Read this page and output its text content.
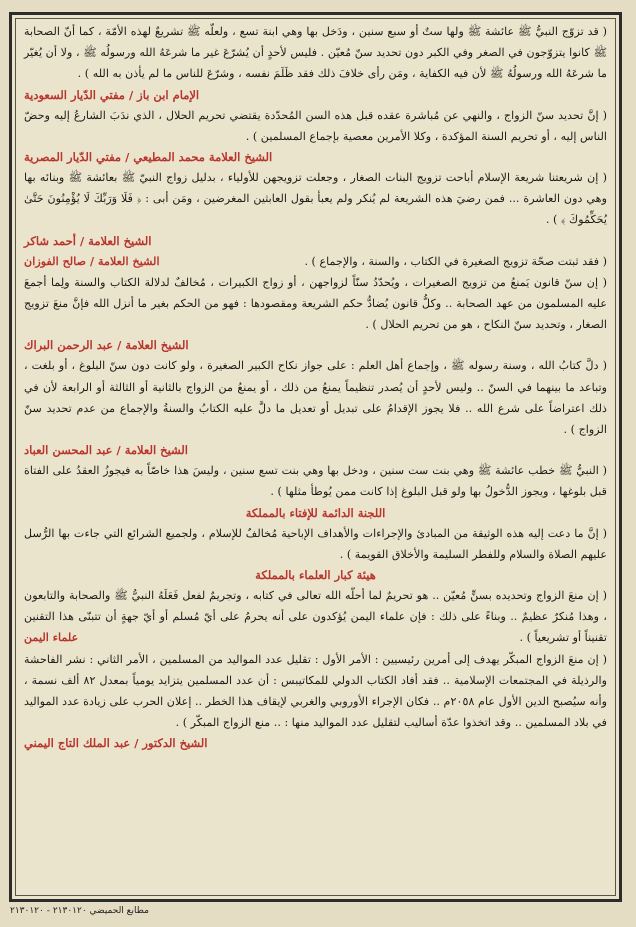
( قد تزوّج النبيُّ ﷺ عائشة ﷺ ولها ستٌ أو سبع سنين ، ودَخل بها وهي ابنة تسع ، ولعلّه ﷺ تشريعٌ لهذه الأمّة ، كما أنّ الصحابة ﷺ كانوا يتزوّجون في الصغر وفي الكبر دون تحديد سنّ مُعيّن . فليس لأحدٍ أن يُشرّعَ غير ما شرعَهُ الله ورسولُه ﷺ ، ولا أن يُغيّر ما شرعَهُ الله ورسولُهُ ﷺ لأن فيه الكفاية ، ومَن رأى خلافَ ذلك فقد ظَلَمَ نفسه ، وشرّعَ للناس ما لم يأذن به الله ) .

الإمام ابن باز / مفتي الدّيار السعودية

( إنَّ تحديد سنّ الزواج ، والنهي عن مُباشرة عقده قبل هذه السن المُحدّدة يقتضي تحريم الحلال ، الذي ندَبَ الشارعُ إليه وحضّ الناس إليه ، أو تحريم السنة المؤكدة ، وكلا الأمرين معصية بإجماع المسلمين ) .

الشيخ العلامة محمد المطيعي / مفتي الدّيار المصرية

( إن شريعتنا شريعة الإسلام أباحت تزويج البنات الصغار ، وجعلت تزويجهن للأولياء ، بدليل زواج النبيّ ﷺ بعائشة ﷺ وبنائه بها وهي دون العاشرة ... فمن رضيَ هذه الشريعة لم يُنكر ولم يعبأ بقول العابثين المغرضين ، ومَن أبى : ﴿ فَلَا وَرَبِّكَ لَا يُؤْمِنُونَ حَتَّىٰ يُحَكِّمُوكَ ﴾ ) .

الشيخ العلامة / أحمد شاكر

( فقد ثبتت صحّة تزويج الصغيرة في الكتاب ، والسنة ، والإجماع ) .
الشيخ العلامة / صالح الفوزان

( إن سنّ قانون يَمنعُ من تزويج الصغيرات ، ويُحدّدُ سنّاً لزواجهن ، أو زواج الكبيرات ، مُخالفٌ لدلالة الكتاب والسنة ولِما أجمعَ عليه المسلمون من عهد الصحابة .. وكلُّ قانون يُضادُّ حكم الشريعة ومقصودها : فهو من الحكم بغير ما أنزل الله فإنَّ منعَ تزويج الصغار ، وتحديد سنّ النكاح ، هو من تحريم الحلال ) .

الشيخ العلامة / عبد الرحمن البراك

( دلَّ كتابُ الله ، وسنة رسوله ﷺ ، وإجماع أهل العلم : على جواز نكاح الكبير الصغيرة ، ولو كانت دون سنّ البلوغ ، أو بلغت ، وتباعد ما بينهما في السنّ .. وليس لأحدٍ أن يُصدر تنظيماً يمنعُ من ذلك ، أو يمنعُ من الزواج بالثانية أو الثالثة أو الرابعة لأن في ذلك اعتراضاً على شرع الله .. فلا يجوز الإقدامُ على تبديل أو تعديل ما دلَّ عليه الكتابُ والسنةُ والإجماع من عدم تحديد سنّ الزواج ) .

الشيخ العلامة / عبد المحسن العباد

( النبيُّ ﷺ خطب عائشة ﷺ وهي بنت ست سنين ، ودخل بها وهي بنت تسع سنين ، وليسَ هذا خاصّاً به فيجوزُ العقدُ على الفتاة قبل بلوغها ، ويجوز الدُّخولُ بها ولو قبل البلوغ إذا كانت ممن يُوطأ مثلها ) .

اللجنة الدائمة للإفتاء بالمملكة

( إنَّ ما دعت إليه هذه الوثيقة من المبادئ والإجراءات والأهداف الإباحية مُخالفٌ للإسلام ، ولجميع الشرائع التي جاءت بها الرُّسل عليهم الصلاة والسلام وللفطر السليمة والأخلاق القويمة ) .

هيئة كبار العلماء بالمملكة

( إن منعَ الزواج وتحديده بسنٍّ مُعيّن .. هو تحريمٌ لما أحلّه الله تعالى في كتابه ، وتجريمٌ لفعل فَعَلَهُ النبيُّ ﷺ والصحابة والتابعون ، وهذا مُنكرٌ عظيمٌ .. وبناءً على ذلك : فإن علماء اليمن يُؤكدون على أنه يحرمُ على أيّ مُسلم أو أيّ جهةٍ أن تتبنّى هذا التقنين تقنيناً أو تشريعياً ) .
علماء اليمن

( إن منعَ الزواج المبكّر يهدف إلى أمرين رئيسيين : الأمر الأول : تقليل عدد المواليد من المسلمين ، الأمر الثاني : نشر الفاحشة والرذيلة في المجتمعات الإسلامية .. فقد أفاد الكتاب الدولي للمكاتيبس : أن عدد المسلمين يتزايد يومياً بمعدل ٨٢ ألف نسمة ، وأنه سيُصبح الدين الأول عام ٢٠٥٨م .. فكان الإجراء الأوروبي والغربي لإيقاف هذا الخطر .. إعلان الحرب على زيادة عدد المواليد في بلاد المسلمين .. وقد اتخذوا عدّة أساليب لتقليل عدد المواليد منها : .. منع الزواج المبكّر ) .

الشيخ الدكتور / عبد الملك التاج اليمني
مطابع الحميضي ٢١٣٠١٢٠ - ٢١٣٠١٢٠
